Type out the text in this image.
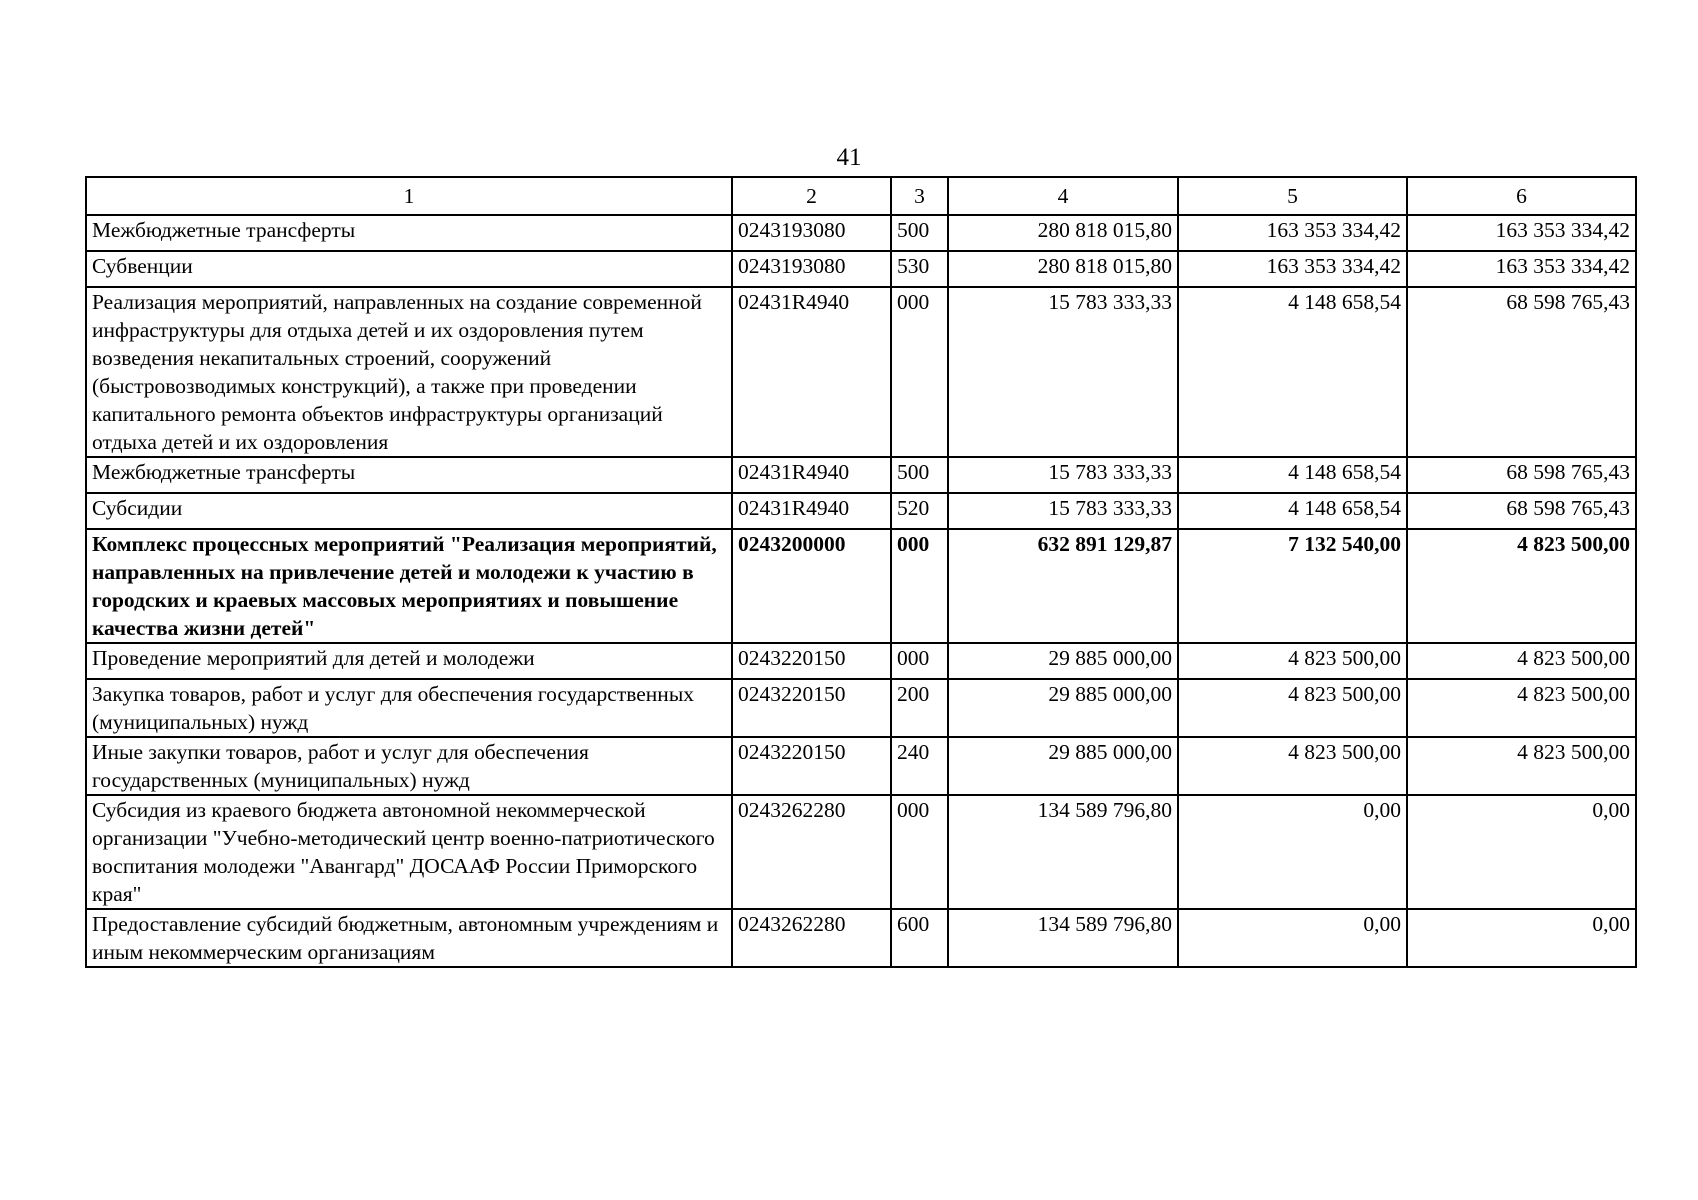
41
1	2	3	4	5	6
Межбюджетные трансферты	0243193080	500	280 818 015,80	163 353 334,42	163 353 334,42
Субвенции	0243193080	530	280 818 015,80	163 353 334,42	163 353 334,42
Реализация мероприятий, направленных на создание современной инфраструктуры для отдыха детей и их оздоровления путем возведения некапитальных строений, сооружений (быстровозводимых конструкций), а также при проведении капитального ремонта объектов инфраструктуры организаций отдыха детей и их оздоровления	02431R4940	000	15 783 333,33	4 148 658,54	68 598 765,43
Межбюджетные трансферты	02431R4940	500	15 783 333,33	4 148 658,54	68 598 765,43
Субсидии	02431R4940	520	15 783 333,33	4 148 658,54	68 598 765,43
Комплекс процессных мероприятий "Реализация мероприятий, направленных на привлечение детей и молодежи к участию в городских и краевых массовых мероприятиях и повышение качества жизни детей"	0243200000	000	632 891 129,87	7 132 540,00	4 823 500,00
Проведение мероприятий для детей и молодежи	0243220150	000	29 885 000,00	4 823 500,00	4 823 500,00
Закупка товаров, работ и услуг для обеспечения государственных (муниципальных) нужд	0243220150	200	29 885 000,00	4 823 500,00	4 823 500,00
Иные закупки товаров, работ и услуг для обеспечения государственных (муниципальных) нужд	0243220150	240	29 885 000,00	4 823 500,00	4 823 500,00
Субсидия из краевого бюджета автономной некоммерческой организации "Учебно-методический центр военно-патриотического воспитания молодежи "Авангард" ДОСААФ России Приморского края"	0243262280	000	134 589 796,80	0,00	0,00
Предоставление субсидий бюджетным, автономным учреждениям и иным некоммерческим организациям	0243262280	600	134 589 796,80	0,00	0,00
